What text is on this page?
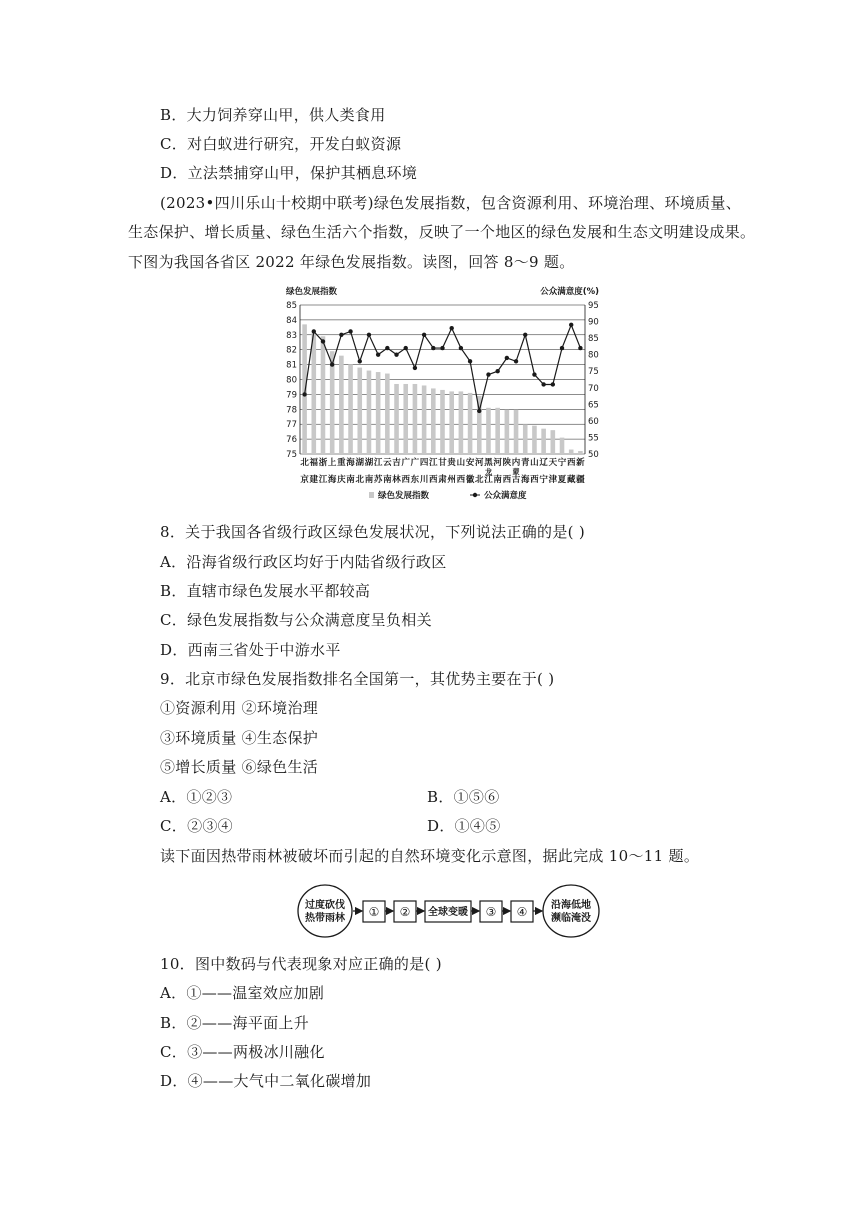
B．大力饲养穿山甲，供人类食用
C．对白蚁进行研究，开发白蚁资源
D．立法禁捕穿山甲，保护其栖息环境
(2023•四川乐山十校期中联考)绿色发展指数，包含资源利用、环境治理、环境质量、
生态保护、增长质量、绿色生活六个指数，反映了一个地区的绿色发展和生态文明建设成果。
下图为我国各省区 2022 年绿色发展指数。读图，回答 8～9 题。
绿色发展指数	公众满意度(%)
85
84
83
82
81
80
79
78
77
76
75
95
90
85
80
75
70
65
60
55
50
北
京
福
建
浙
江
上
海
重
庆
海
南
湖
北
湖
南
江
苏
云
南
吉
林
广
西
广
东
四
川
江
西
甘
肃
贵
州
山
西
安
徽
河
北
黑
龙
江
河
南
陕
西
内
蒙
古
青
海
山
西
辽
宁
天
津
宁
夏
西
藏
新
疆
绿色发展指数	公众满意度
8．关于我国各省级行政区绿色发展状况，下列说法正确的是( )
A．沿海省级行政区均好于内陆省级行政区
B．直辖市绿色发展水平都较高
C．绿色发展指数与公众满意度呈负相关
D．西南三省处于中游水平
9．北京市绿色发展指数排名全国第一，其优势主要在于( )
①资源利用 ②环境治理
③环境质量 ④生态保护
⑤增长质量 ⑥绿色生活
A．①②③	B．①⑤⑥
C．②③④	D．①④⑤
读下面因热带雨林被破坏而引起的自然环境变化示意图，据此完成 10～11 题。
过度砍伐
热带雨林 ① ② 全球变暖 ③ ④ 沿海低地
濒临淹没
10．图中数码与代表现象对应正确的是( )
A．①——温室效应加剧
B．②——海平面上升
C．③——两极冰川融化
D．④——大气中二氧化碳增加
